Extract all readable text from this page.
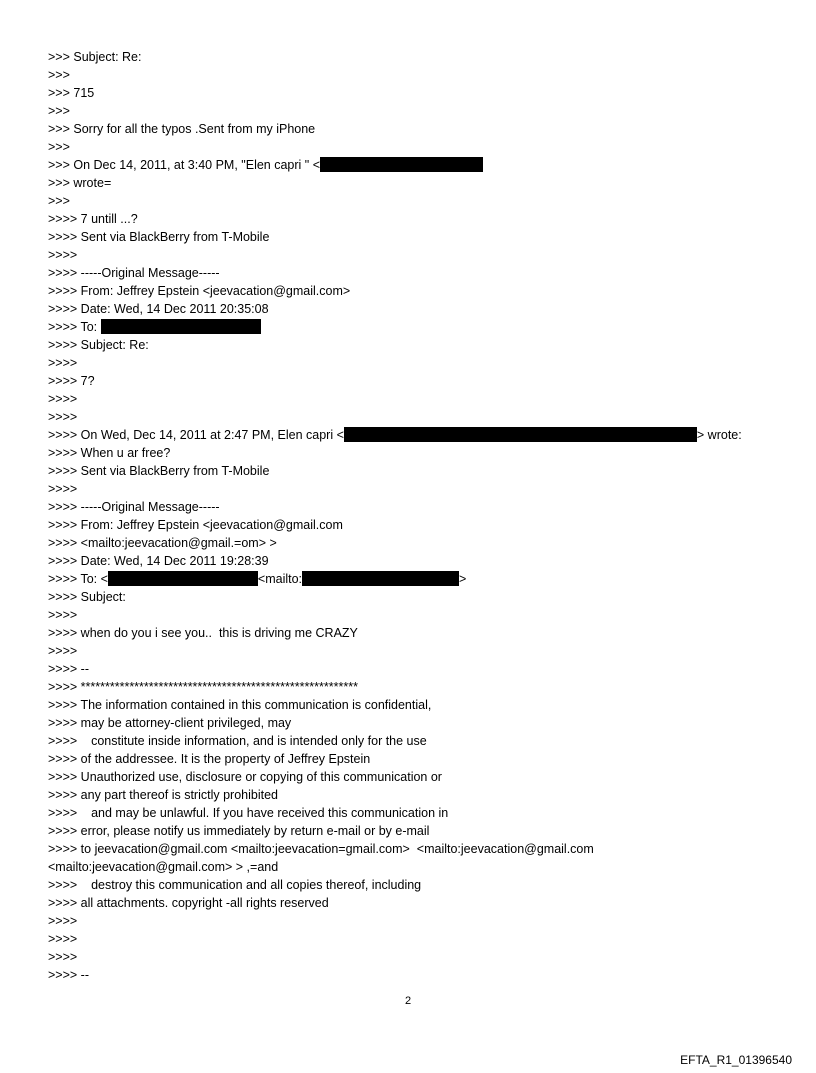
>>> Subject: Re:
>>>
>>> 715
>>>
>>> Sorry for all the typos .Sent from my iPhone
>>>
>>> On Dec 14, 2011, at 3:40 PM, "Elen capri " <
>>> wrote=
>>>
>>>> 7 untill ...?
>>>> Sent via BlackBerry from T-Mobile
>>>>
>>>> -----Original Message-----
>>>> From: Jeffrey Epstein <jeevacation@gmail.com>
>>>> Date: Wed, 14 Dec 2011 20:35:08
>>>> To:
>>>> Subject: Re:
>>>>
>>>> 7?
>>>>
>>>>
>>>> On Wed, Dec 14, 2011 at 2:47 PM, Elen capri <	> wrote:
>>>> When u ar free?
>>>> Sent via BlackBerry from T-Mobile
>>>>
>>>> -----Original Message-----
>>>> From: Jeffrey Epstein <jeevacation@gmail.com
>>>> <mailto:jeevacation@gmail.=om> >
>>>> Date: Wed, 14 Dec 2011 19:28:39
>>>> To: <	<mailto:	>
>>>> Subject:
>>>>
>>>> when do you i see you..  this is driving me CRAZY
>>>>
>>>> --
>>>> *********************************************************
>>>> The information contained in this communication is confidential,
>>>> may be attorney-client privileged, may
>>>>    constitute inside information, and is intended only for the use
>>>> of the addressee. It is the property of Jeffrey Epstein
>>>> Unauthorized use, disclosure or copying of this communication or
>>>> any part thereof is strictly prohibited
>>>>    and may be unlawful. If you have received this communication in
>>>> error, please notify us immediately by return e-mail or by e-mail
>>>> to jeevacation@gmail.com <mailto:jeevacation=gmail.com>  <mailto:jeevacation@gmail.com
<mailto:jeevacation@gmail.com> > ,=and
>>>>    destroy this communication and all copies thereof, including
>>>> all attachments. copyright -all rights reserved
>>>>
>>>>
>>>>
>>>> --
2
EFTA_R1_01396540
